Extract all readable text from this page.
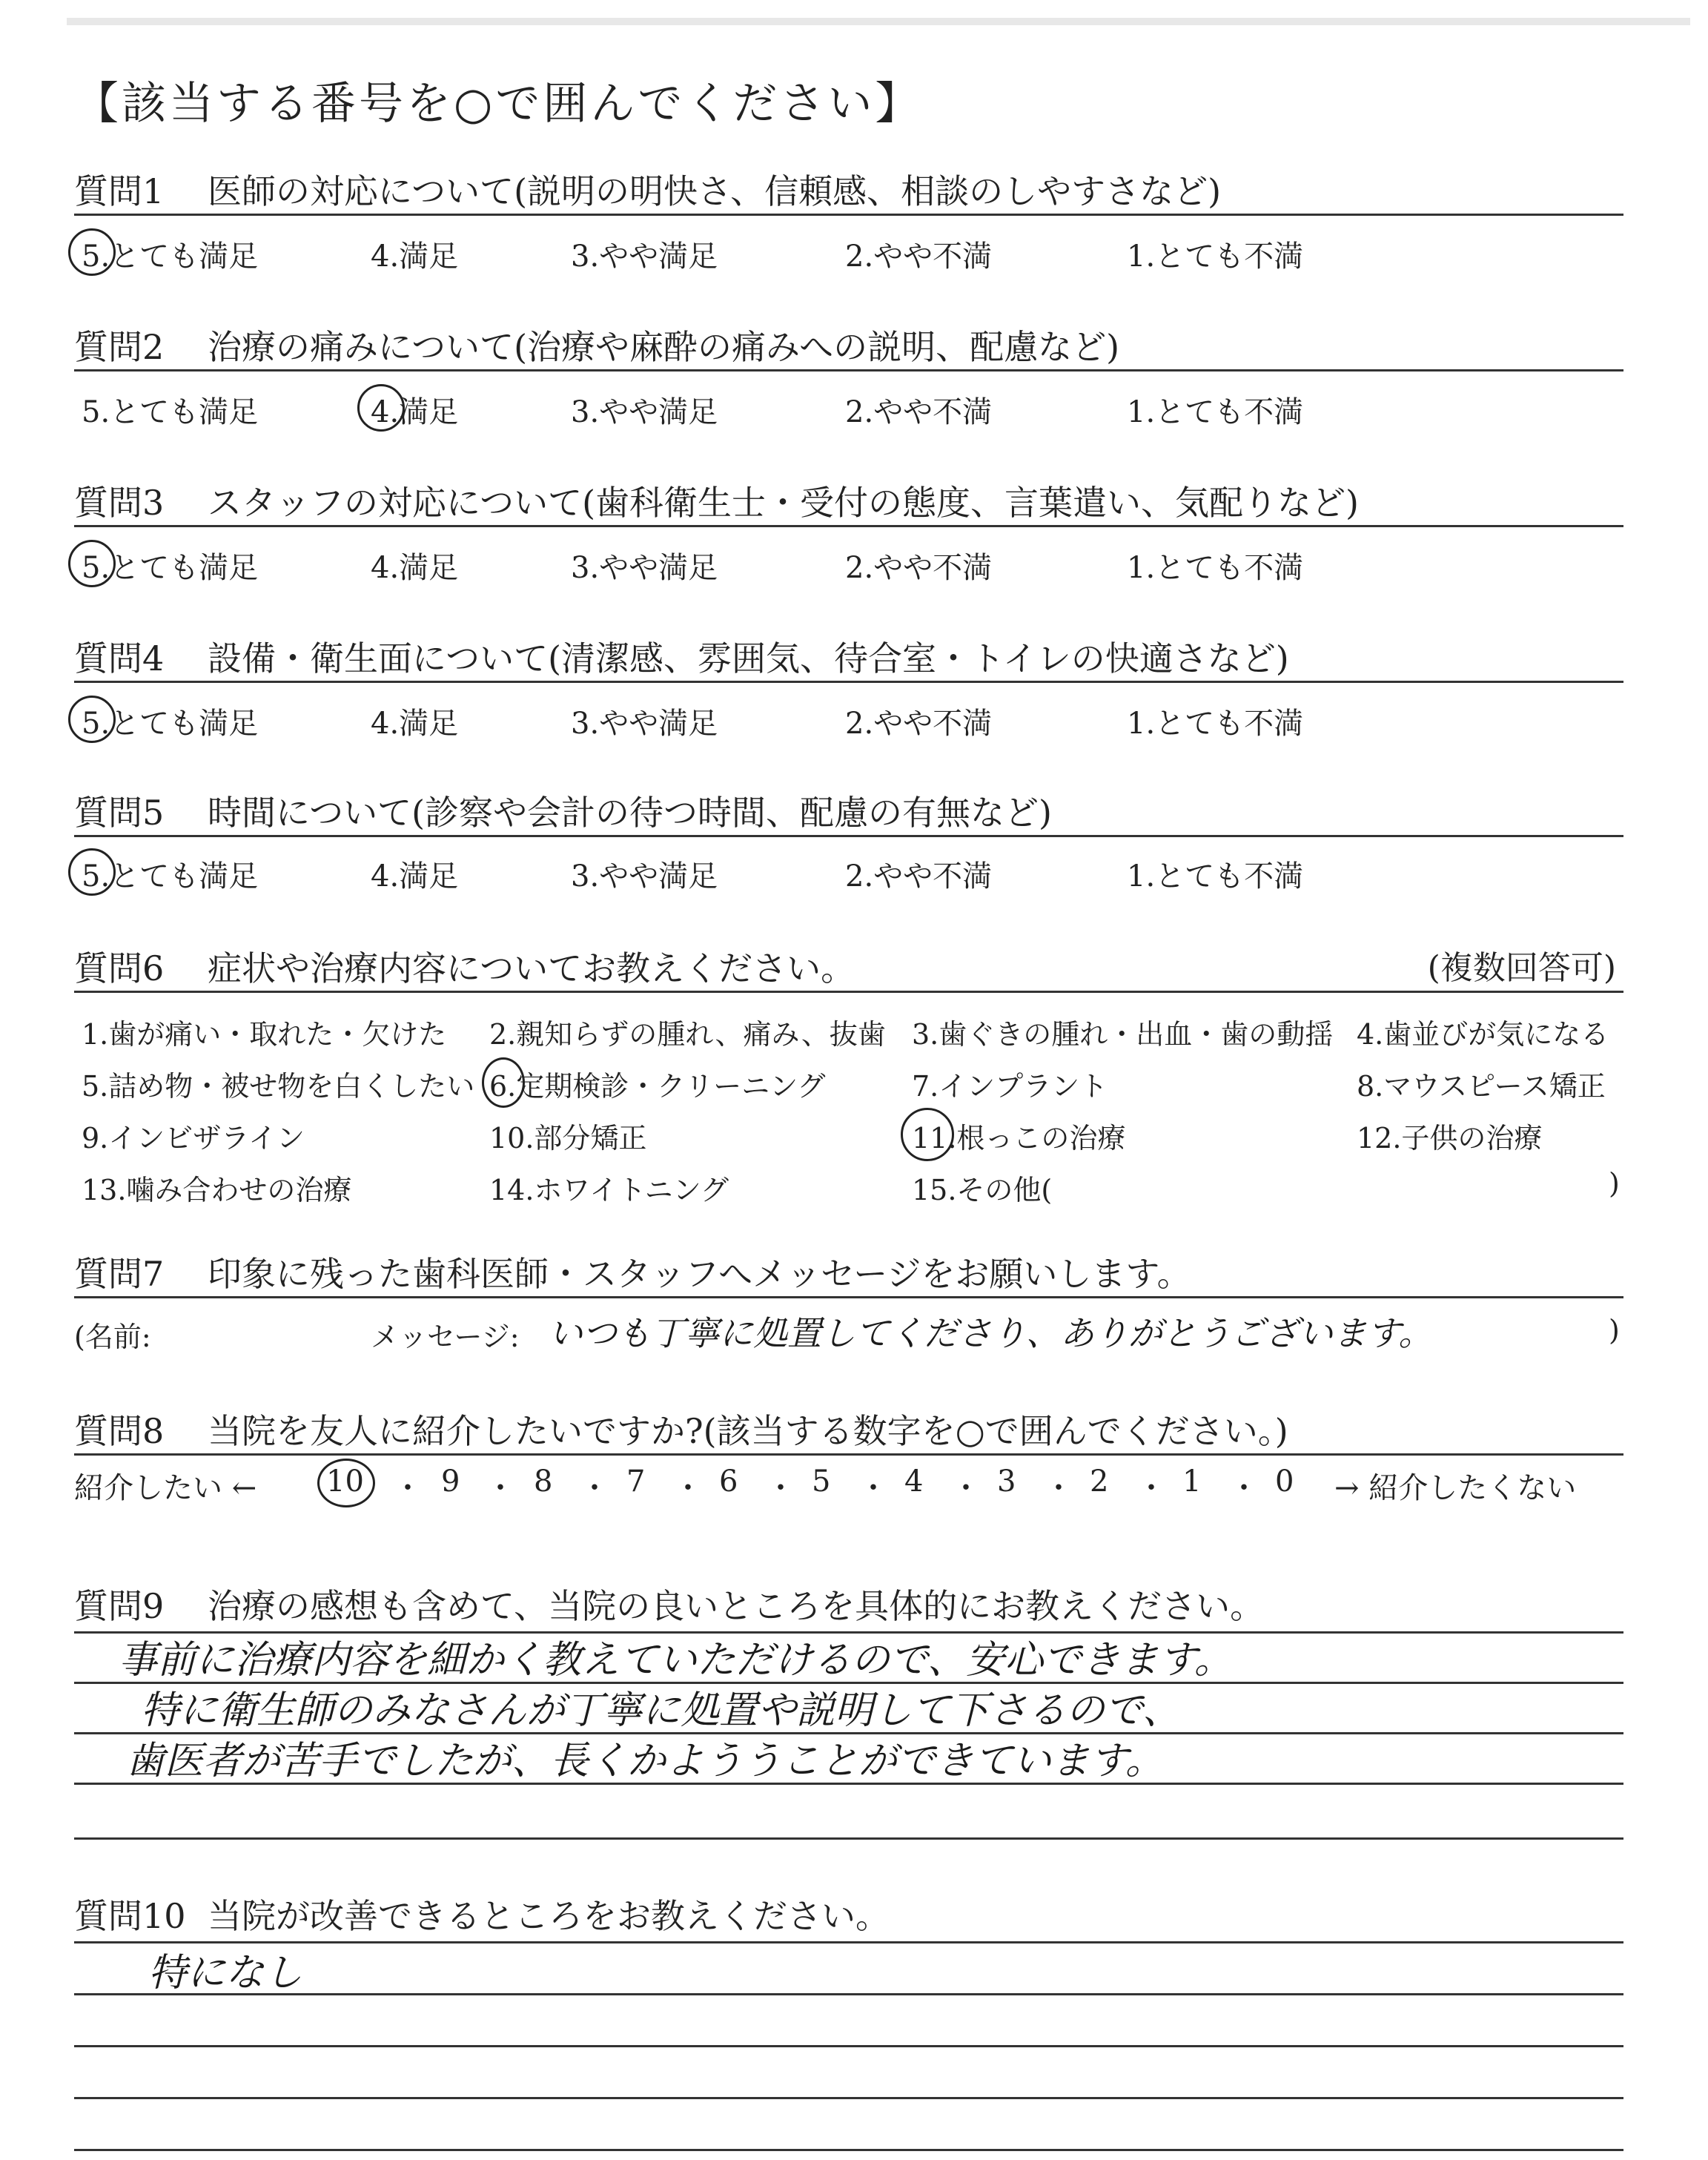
【該当する番号を○で囲んでください】
質問1 医師の対応について(説明の明快さ、信頼感、相談のしやすさなど)
5.とても満足	4.満足	3.やや満足	2.やや不満	1.とても不満
質問2 治療の痛みについて(治療や麻酔の痛みへの説明、配慮など)
5.とても満足	4.満足	3.やや満足	2.やや不満	1.とても不満
質問3 スタッフの対応について(歯科衛生士・受付の態度、言葉遣い、気配りなど)
5.とても満足	4.満足	3.やや満足	2.やや不満	1.とても不満
質問4 設備・衛生面について(清潔感、雰囲気、待合室・トイレの快適さなど)
5.とても満足	4.満足	3.やや満足	2.やや不満	1.とても不満
質問5 時間について(診察や会計の待つ時間、配慮の有無など)
5.とても満足	4.満足	3.やや満足	2.やや不満	1.とても不満
質問6 症状や治療内容についてお教えください。	(複数回答可)
1.歯が痛い・取れた・欠けた 2.親知らずの腫れ、痛み、抜歯 3.歯ぐきの腫れ・出血・歯の動揺 4.歯並びが気になる
5.詰め物・被せ物を白くしたい 6.定期検診・クリーニング	7.インプラント	8.マウスピース矯正
9.インビザライン	10.部分矯正	11.根っこの治療	12.子供の治療
13.噛み合わせの治療	14.ホワイトニング	15.その他(	)
質問7 印象に残った歯科医師・スタッフへメッセージをお願いします。
(名前:	メッセージ: いつも丁寧に処置してくださり、ありがとうございます。	)
質問8 当院を友人に紹介したいですか?(該当する数字を○で囲んでください。)
紹介したい ← 10 ・ 9 ・ 8 ・ 7 ・ 6 ・ 5 ・ 4 ・ 3 ・ 2 ・ 1 ・ 0 → 紹介したくない
質問9 治療の感想も含めて、当院の良いところを具体的にお教えください。
事前に治療内容を細かく教えていただけるので、安心できます。
特に衛生師のみなさんが丁寧に処置や説明して下さるので、
歯医者が苦手でしたが、長くかよううことができています。
質問10 当院が改善できるところをお教えください。
特になし
